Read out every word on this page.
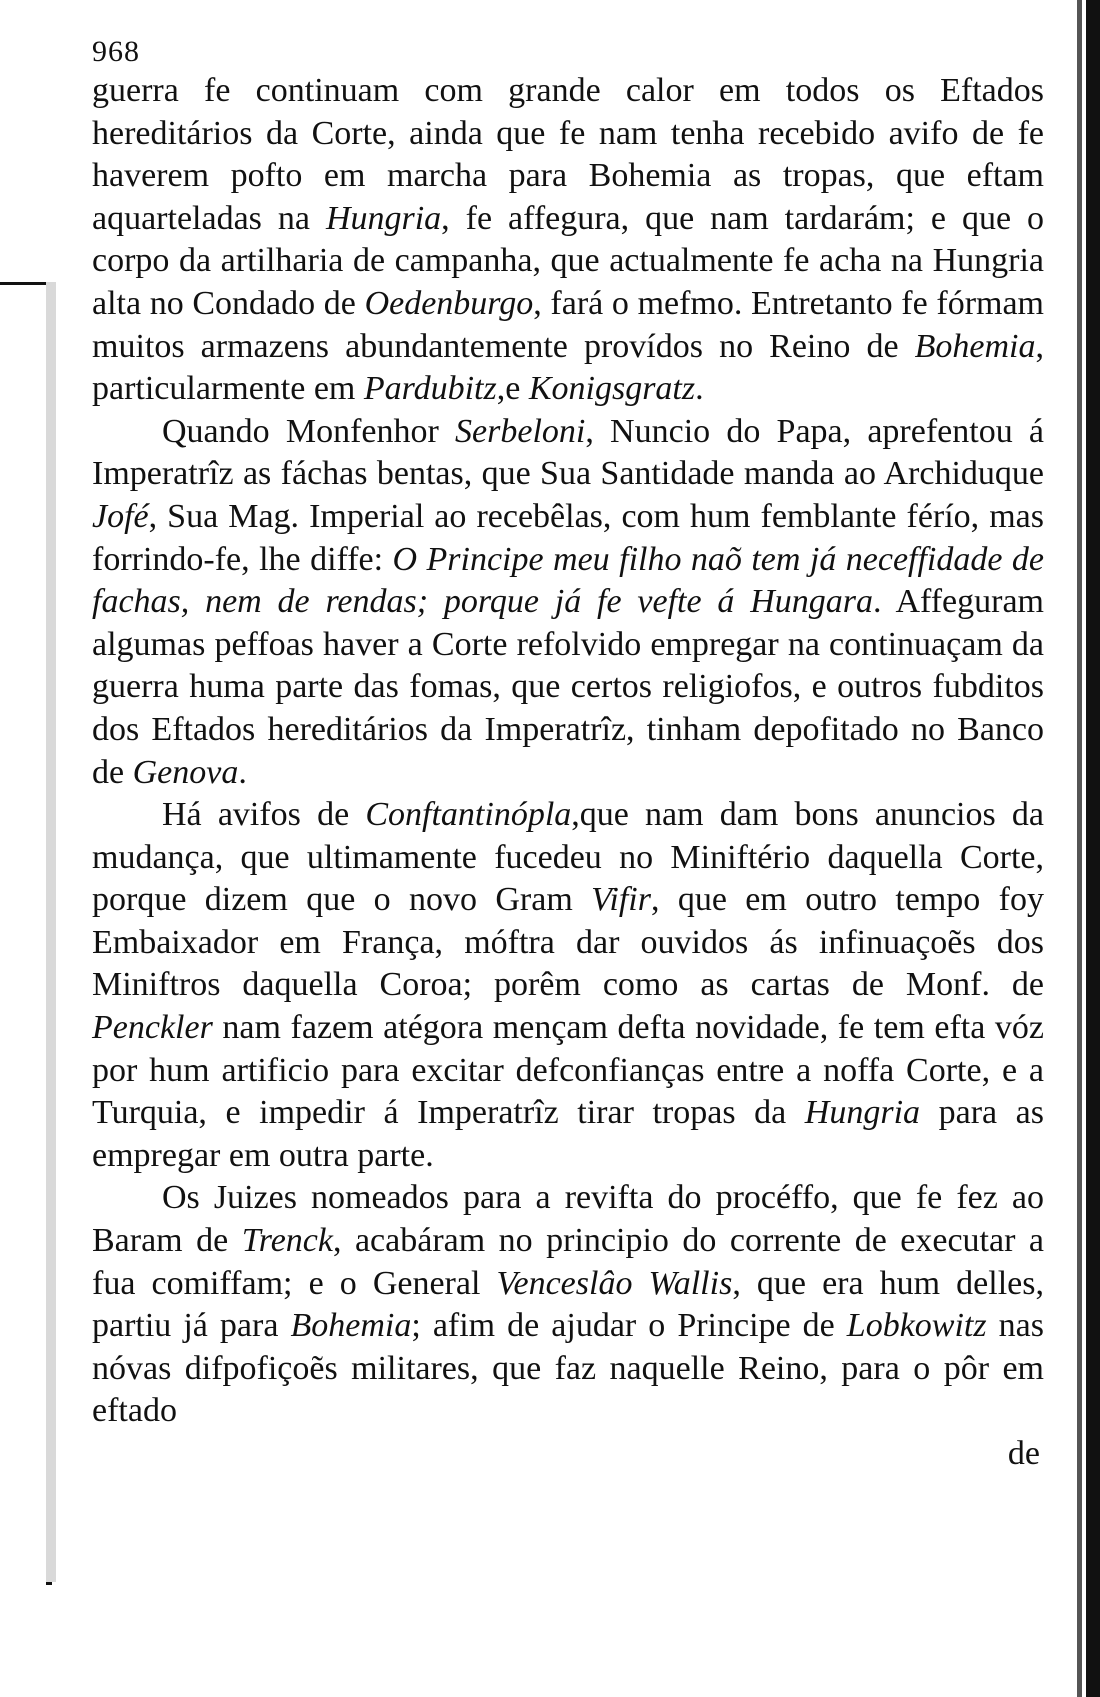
968
guerra fe continuam com grande calor em todos os Eftados hereditários da Corte, ainda que fe nam tenha recebido avifo de fe haverem pofto em marcha para Bohemia as tropas, que eftam aquarteladas na Hungria, fe affegura, que nam tardarám; e que o corpo da artilharia de campanha, que actualmente fe acha na Hungria alta no Condado de Oedenburgo, fará o mefmo. Entretanto fe fórmam muitos armazens abundantemente provídos no Reino de Bohemia, particularmente em Pardubitz,e Konigsgratz.
Quando Monfenhor Serbeloni, Nuncio do Papa, aprefentou á Imperatrîz as fáchas bentas, que Sua Santidade manda ao Archiduque Jofé, Sua Mag. Imperial ao recebêlas, com hum femblante férío, mas forrindo-fe, lhe diffe: O Principe meu filho naõ tem já neceffidade de fachas, nem de rendas; porque já fe vefte á Hungara. Affeguram algumas peffoas haver a Corte refolvido empregar na continuaçam da guerra huma parte das fomas, que certos religiofos, e outros fubditos dos Eftados hereditários da Imperatrîz, tinham depofitado no Banco de Genova.
Há avifos de Conftantinópla,que nam dam bons anuncios da mudança, que ultimamente fucedeu no Miniftério daquella Corte, porque dizem que o novo Gram Vifir, que em outro tempo foy Embaixador em França, móftra dar ouvidos ás infinuaçoẽs dos Miniftros daquella Coroa; porêm como as cartas de Monf. de Penckler nam fazem atégora mençam defta novidade, fe tem efta vóz por hum artificio para excitar defconfianças entre a noffa Corte, e a Turquia, e impedir á Imperatrîz tirar tropas da Hungria para as empregar em outra parte.
Os Juizes nomeados para a revifta do procéffo, que fe fez ao Baram de Trenck, acabáram no principio do corrente de executar a fua comiffam; e o General Venceslâo Wallis, que era hum delles, partiu já para Bohemia; afim de ajudar o Principe de Lobkowitz nas nóvas difpofiçoẽs militares, que faz naquelle Reino, para o pôr em eftado
de
